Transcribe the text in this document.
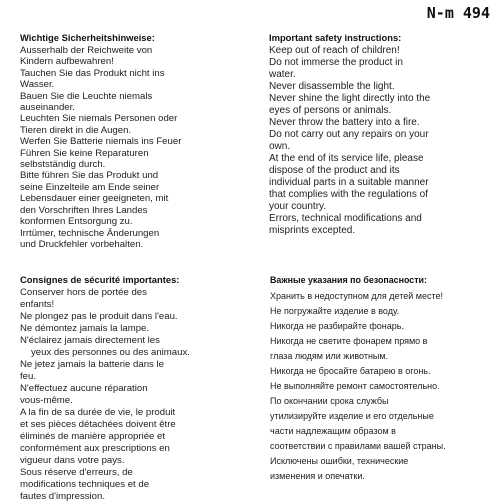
N-m 494
Wichtige Sicherheitshinweise:
Ausserhalb der Reichweite von
Kindern aufbewahren!
Tauchen Sie das Produkt nicht ins
Wasser.
Bauen Sie die Leuchte niemals
auseinander.
Leuchten Sie niemals Personen oder
Tieren direkt in die Augen.
Werfen Sie Batterie niemals ins Feuer
Führen Sie keine Reparaturen
selbstständig durch.
Bitte führen Sie das Produkt und
seine Einzelteile am Ende seiner
Lebensdauer einer geeigneten, mit
den Vorschriften Ihres Landes
konformen Entsorgung zu.
Irrtümer, technische Änderungen
und Druckfehler vorbehalten.
Important safety instructions:
Keep out of reach of children!
Do not immerse the product in
water.
Never disassemble the light.
Never shine the light directly into the
eyes of persons or animals.
Never throw the battery into a fire.
Do not carry out any repairs on your
own.
At the end of its service life, please
dispose of the product and its
individual parts in a suitable manner
that complies with the regulations of
your country.
Errors, technical modifications and
misprints excepted.
Consignes de sécurité importantes:
Conserver hors de portée des
enfants!
Ne plongez pas le produit dans l'eau.
Ne démontez jamais la lampe.
N'éclairez jamais directement les
yeux des personnes ou des animaux.
Ne jetez jamais la batterie dans le
feu.
N'effectuez aucune réparation
vous-même.
A la fin de sa durée de vie, le produit
et ses pièces détachées doivent être
éliminés de manière appropriée et
conformément aux prescriptions en
vigueur dans votre pays.
Sous réserve d'erreurs, de
modifications techniques et de
fautes d'impression.
Важные указания по безопасности:
Хранить в недоступном для детей месте!
Не погружайте изделие в воду.
Никогда не разбирайте фонарь.
Никогда не светите фонарем прямо в
глаза людям или животным.
Никогда не бросайте батарею в огонь.
Не выполняйте ремонт самостоятельно.
По окончании срока службы
утилизируйте изделие и его отдельные
части надлежащим образом в
соответствии с правилами вашей страны.
Исключены ошибки, технические
изменения и опечатки.
